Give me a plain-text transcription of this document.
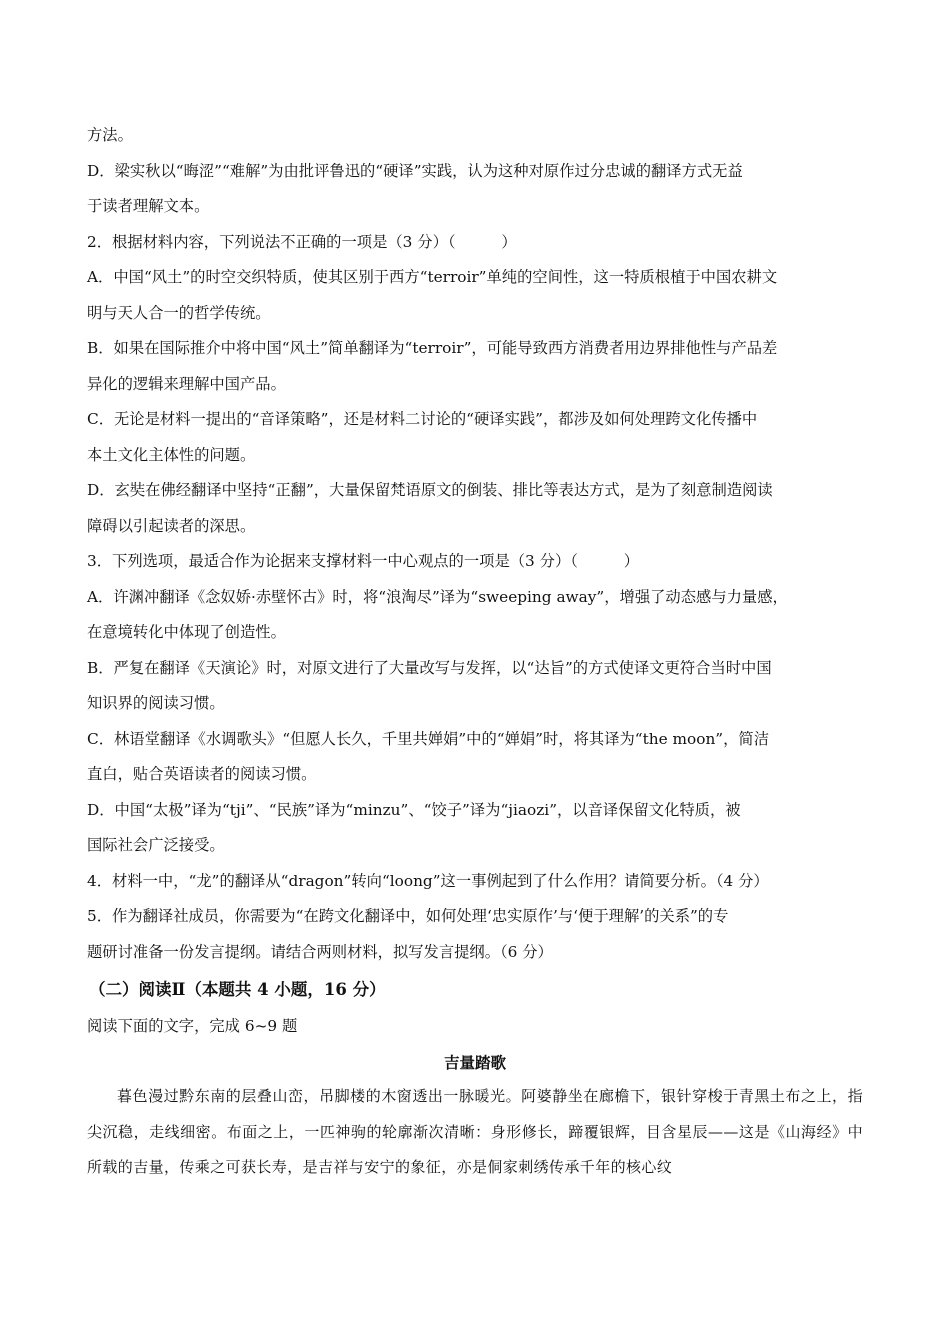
方法。

D．梁实秋以“晦涩”“难解”为由批评鲁迅的“硬译”实践，认为这种对原作过分忠诚的翻译方式无益

于读者理解文本。

2．根据材料内容，下列说法不正确的一项是（3 分）（　　　）

A．中国“风土”的时空交织特质，使其区别于西方“terroir”单纯的空间性，这一特质根植于中国农耕文

明与天人合一的哲学传统。

B．如果在国际推介中将中国“风土”简单翻译为“terroir”，可能导致西方消费者用边界排他性与产品差

异化的逻辑来理解中国产品。

C．无论是材料一提出的“音译策略”，还是材料二讨论的“硬译实践”，都涉及如何处理跨文化传播中

本土文化主体性的问题。

D．玄奘在佛经翻译中坚持“正翻”，大量保留梵语原文的倒装、排比等表达方式，是为了刻意制造阅读

障碍以引起读者的深思。

3．下列选项，最适合作为论据来支撑材料一中心观点的一项是（3 分）（　　　）

A．许渊冲翻译《念奴娇·赤壁怀古》时，将“浪淘尽”译为“sweeping away”，增强了动态感与力量感，

在意境转化中体现了创造性。

B．严复在翻译《天演论》时，对原文进行了大量改写与发挥，以“达旨”的方式使译文更符合当时中国

知识界的阅读习惯。

C．林语堂翻译《水调歌头》“但愿人长久，千里共婵娟”中的“婵娟”时，将其译为“the moon”，简洁

直白，贴合英语读者的阅读习惯。

D．中国“太极”译为“tji”、“民族”译为“minzu”、“饺子”译为“jiaozi”，以音译保留文化特质，被

国际社会广泛接受。

4．材料一中，“龙”的翻译从“dragon”转向“loong”这一事例起到了什么作用？请简要分析。（4 分）

5．作为翻译社成员，你需要为“在跨文化翻译中，如何处理‘忠实原作’与‘便于理解’的关系”的专

题研讨准备一份发言提纲。请结合两则材料，拟写发言提纲。（6 分）

（二）阅读Ⅱ（本题共 4 小题，16 分）

阅读下面的文字，完成 6~9 题

吉量踏歌

暮色漫过黔东南的层叠山峦，吊脚楼的木窗透出一脉暖光。阿婆静坐在廊檐下，银针穿梭于青黑土布之上，指尖沉稳，走线细密。布面之上，一匹神驹的轮廓渐次清晰：身形修长，蹄覆银辉，目含星辰——这是《山海经》中所载的吉量，传乘之可获长寿，是吉祥与安宁的象征，亦是侗家刺绣传承千年的核心纹
